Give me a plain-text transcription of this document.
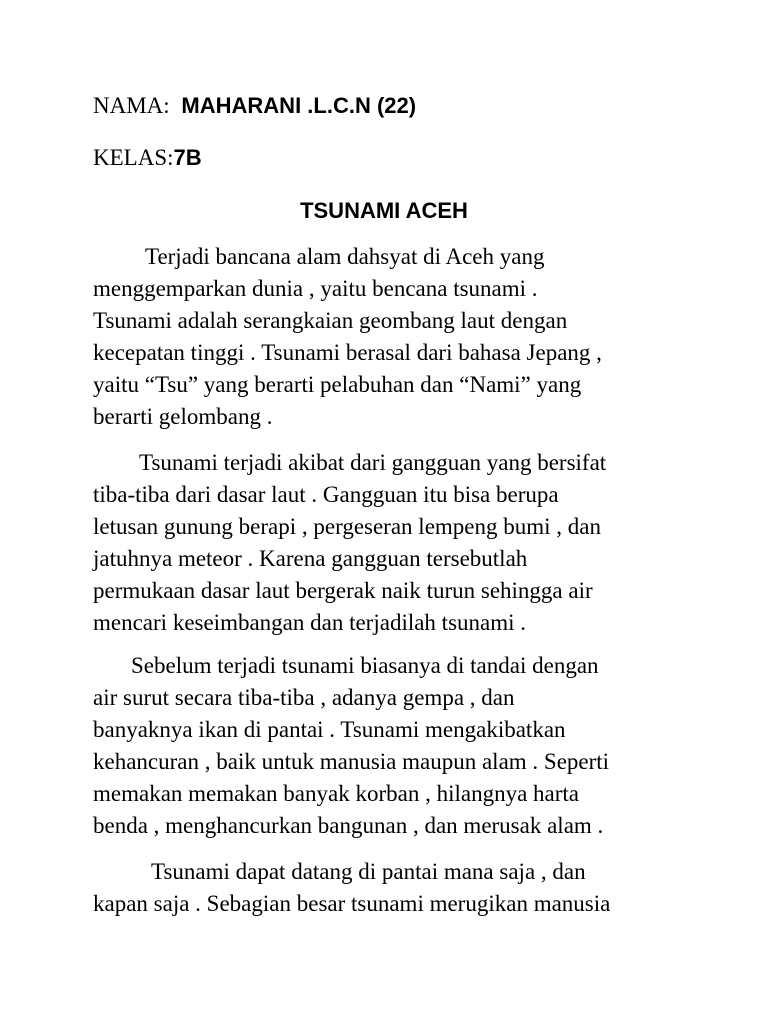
NAMA: MAHARANI .L.C.N (22)
KELAS:7B
TSUNAMI ACEH
Terjadi bancana alam dahsyat di Aceh yang
menggemparkan dunia , yaitu bencana tsunami .
Tsunami adalah serangkaian geombang laut dengan
kecepatan tinggi . Tsunami berasal dari bahasa Jepang ,
yaitu “Tsu” yang berarti pelabuhan dan “Nami” yang
berarti gelombang .
Tsunami terjadi akibat dari gangguan yang bersifat
tiba-tiba dari dasar laut . Gangguan itu bisa berupa
letusan gunung berapi , pergeseran lempeng bumi , dan
jatuhnya meteor . Karena gangguan tersebutlah
permukaan dasar laut bergerak naik turun sehingga air
mencari keseimbangan dan terjadilah tsunami .
Sebelum terjadi tsunami biasanya di tandai dengan
air surut secara tiba-tiba , adanya gempa , dan
banyaknya ikan di pantai . Tsunami mengakibatkan
kehancuran , baik untuk manusia maupun alam . Seperti
memakan memakan banyak korban , hilangnya harta
benda , menghancurkan bangunan , dan merusak alam .
Tsunami dapat datang di pantai mana saja , dan
kapan saja . Sebagian besar tsunami merugikan manusia
